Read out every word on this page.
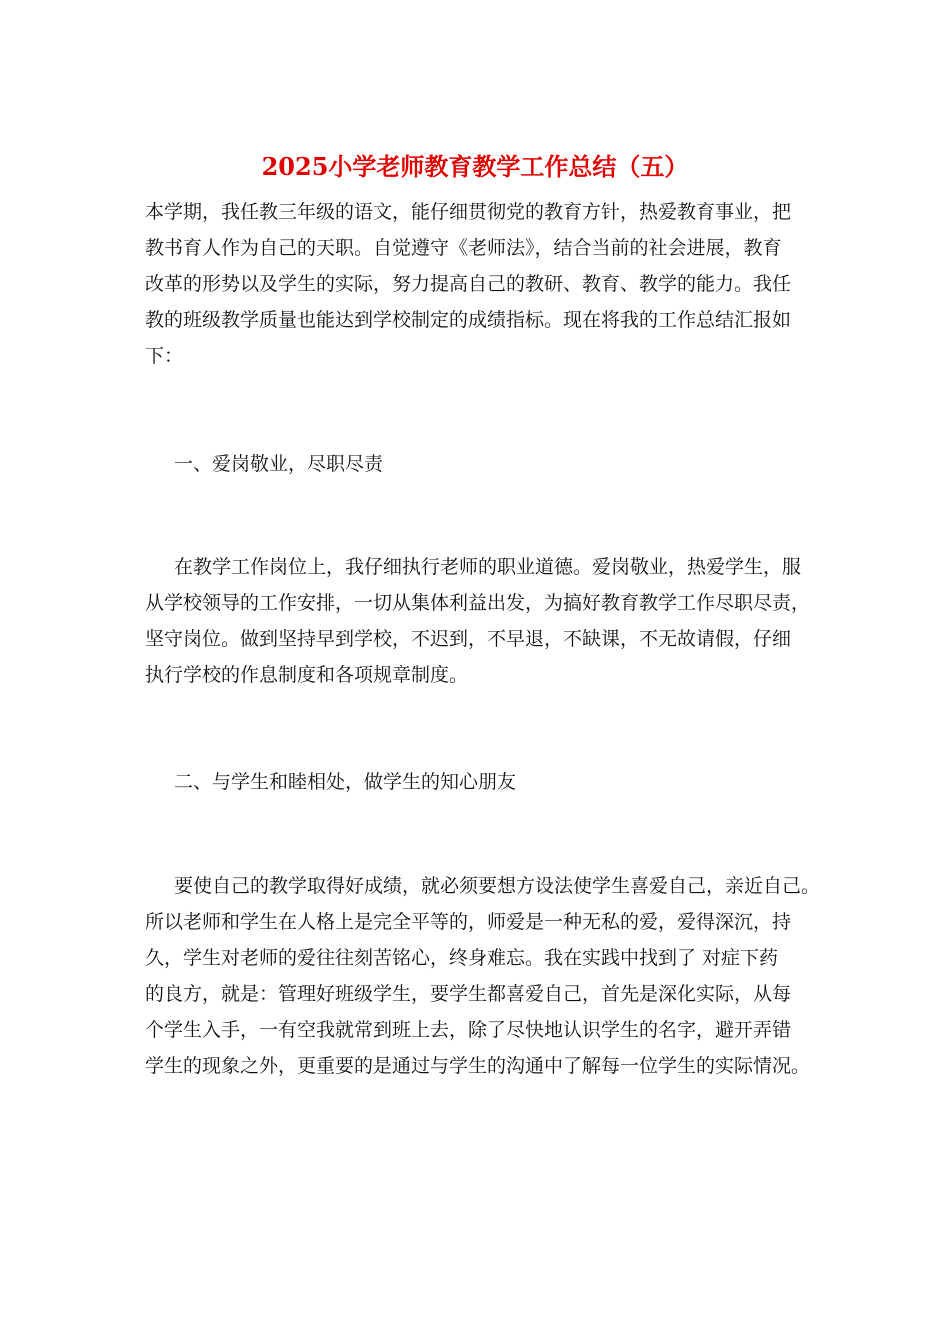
2025小学老师教育教学工作总结（五）
本学期，我任教三年级的语文，能仔细贯彻党的教育方针，热爱教育事业，把
教书育人作为自己的天职。自觉遵守《老师法》，结合当前的社会进展，教育
改革的形势以及学生的实际，努力提高自己的教研、教育、教学的能力。我任
教的班级教学质量也能达到学校制定的成绩指标。现在将我的工作总结汇报如
下：
一、爱岗敬业，尽职尽责
在教学工作岗位上，我仔细执行老师的职业道德。爱岗敬业，热爱学生，服
从学校领导的工作安排，一切从集体利益出发，为搞好教育教学工作尽职尽责，
坚守岗位。做到坚持早到学校，不迟到，不早退，不缺课，不无故请假，仔细
执行学校的作息制度和各项规章制度。
二、与学生和睦相处，做学生的知心朋友
要使自己的教学取得好成绩，就必须要想方设法使学生喜爱自己，亲近自己。
所以老师和学生在人格上是完全平等的，师爱是一种无私的爱，爱得深沉，持
久，学生对老师的爱往往刻苦铭心，终身难忘。我在实践中找到了 对症下药
的良方，就是：管理好班级学生，要学生都喜爱自己，首先是深化实际，从每
个学生入手，一有空我就常到班上去，除了尽快地认识学生的名字，避开弄错
学生的现象之外，更重要的是通过与学生的沟通中了解每一位学生的实际情况。
